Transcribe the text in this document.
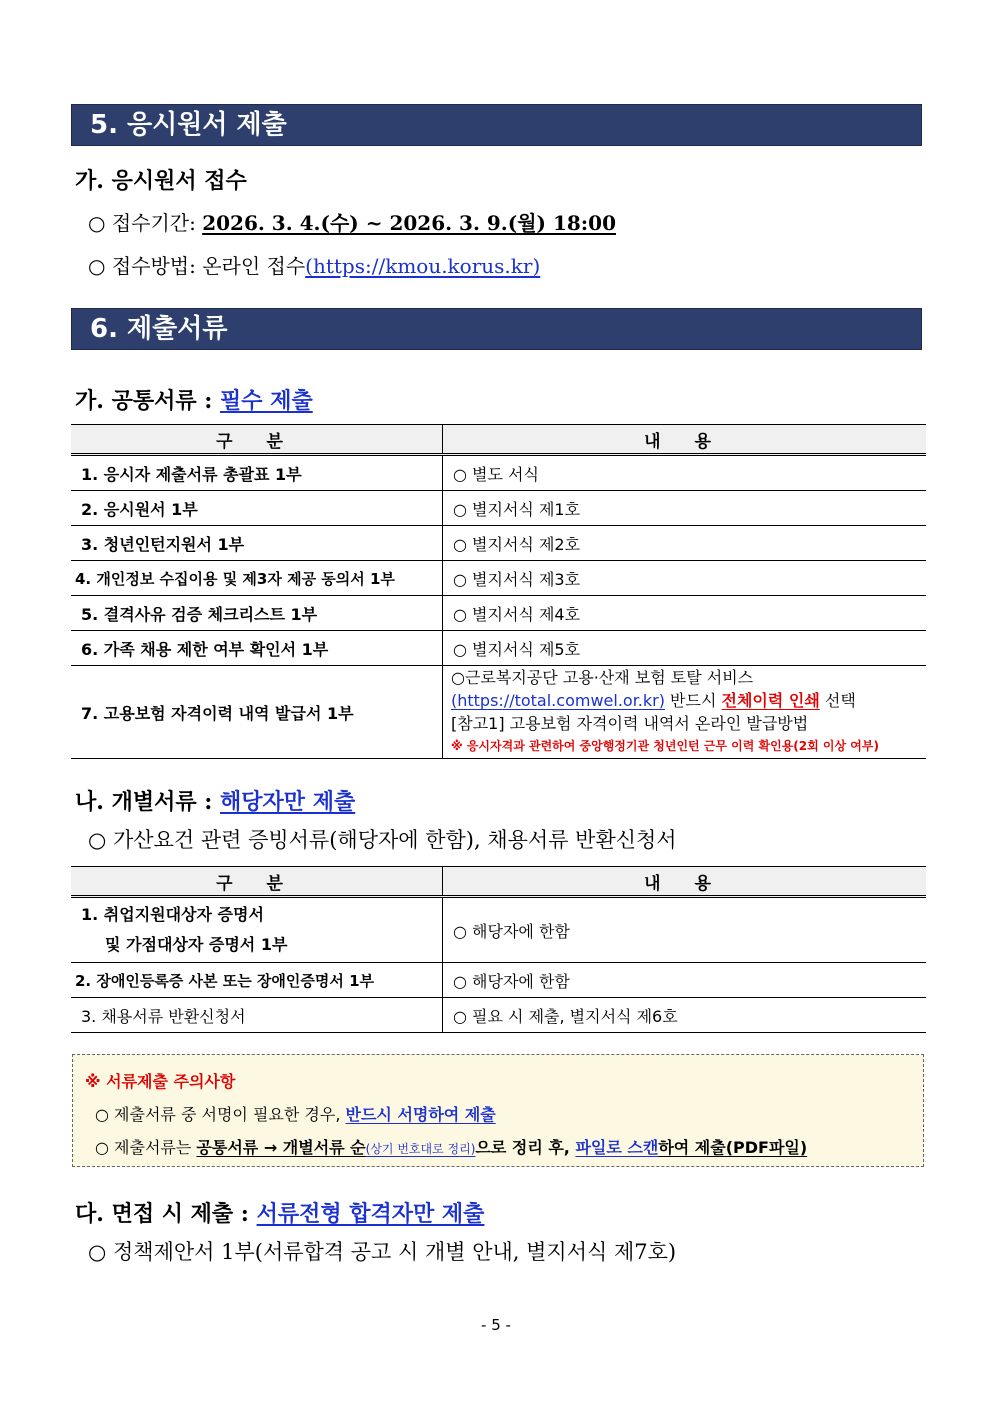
5. 응시원서 제출
가. 응시원서 접수
○ 접수기간: 2026. 3. 4.(수) ~ 2026. 3. 9.(월) 18:00
○ 접수방법: 온라인 접수(https://kmou.korus.kr)
6. 제출서류
가. 공통서류 : 필수 제출
구 분	내 용
1. 응시자 제출서류 총괄표 1부	○ 별도 서식
2. 응시원서 1부	○ 별지서식 제1호
3. 청년인턴지원서 1부	○ 별지서식 제2호
4. 개인정보 수집이용 및 제3자 제공 동의서 1부	○ 별지서식 제3호
5. 결격사유 검증 체크리스트 1부	○ 별지서식 제4호
6. 가족 채용 제한 여부 확인서 1부	○ 별지서식 제5호
7. 고용보험 자격이력 내역 발급서 1부	○근로복지공단 고용·산재 보험 토탈 서비스
(https://total.comwel.or.kr) 반드시 전체이력 인쇄 선택
[참고1] 고용보험 자격이력 내역서 온라인 발급방법
※ 응시자격과 관련하여 중앙행정기관 청년인턴 근무 이력 확인용(2회 이상 여부)
나. 개별서류 : 해당자만 제출
○ 가산요건 관련 증빙서류(해당자에 한함), 채용서류 반환신청서
구 분	내 용

1. 취업지원대상자 증명서
및 가점대상자 증명서 1부	○ 해당자에 한함
2. 장애인등록증 사본 또는 장애인증명서 1부	○ 해당자에 한함
3. 채용서류 반환신청서	○ 필요 시 제출, 별지서식 제6호
※ 서류제출 주의사항
○ 제출서류 중 서명이 필요한 경우, 반드시 서명하여 제출
○ 제출서류는 공통서류 → 개별서류 순(상기 번호대로 정리)으로 정리 후, 파일로 스캔하여 제출(PDF파일)
다. 면접 시 제출 : 서류전형 합격자만 제출
○ 정책제안서 1부(서류합격 공고 시 개별 안내, 별지서식 제7호)
- 5 -
